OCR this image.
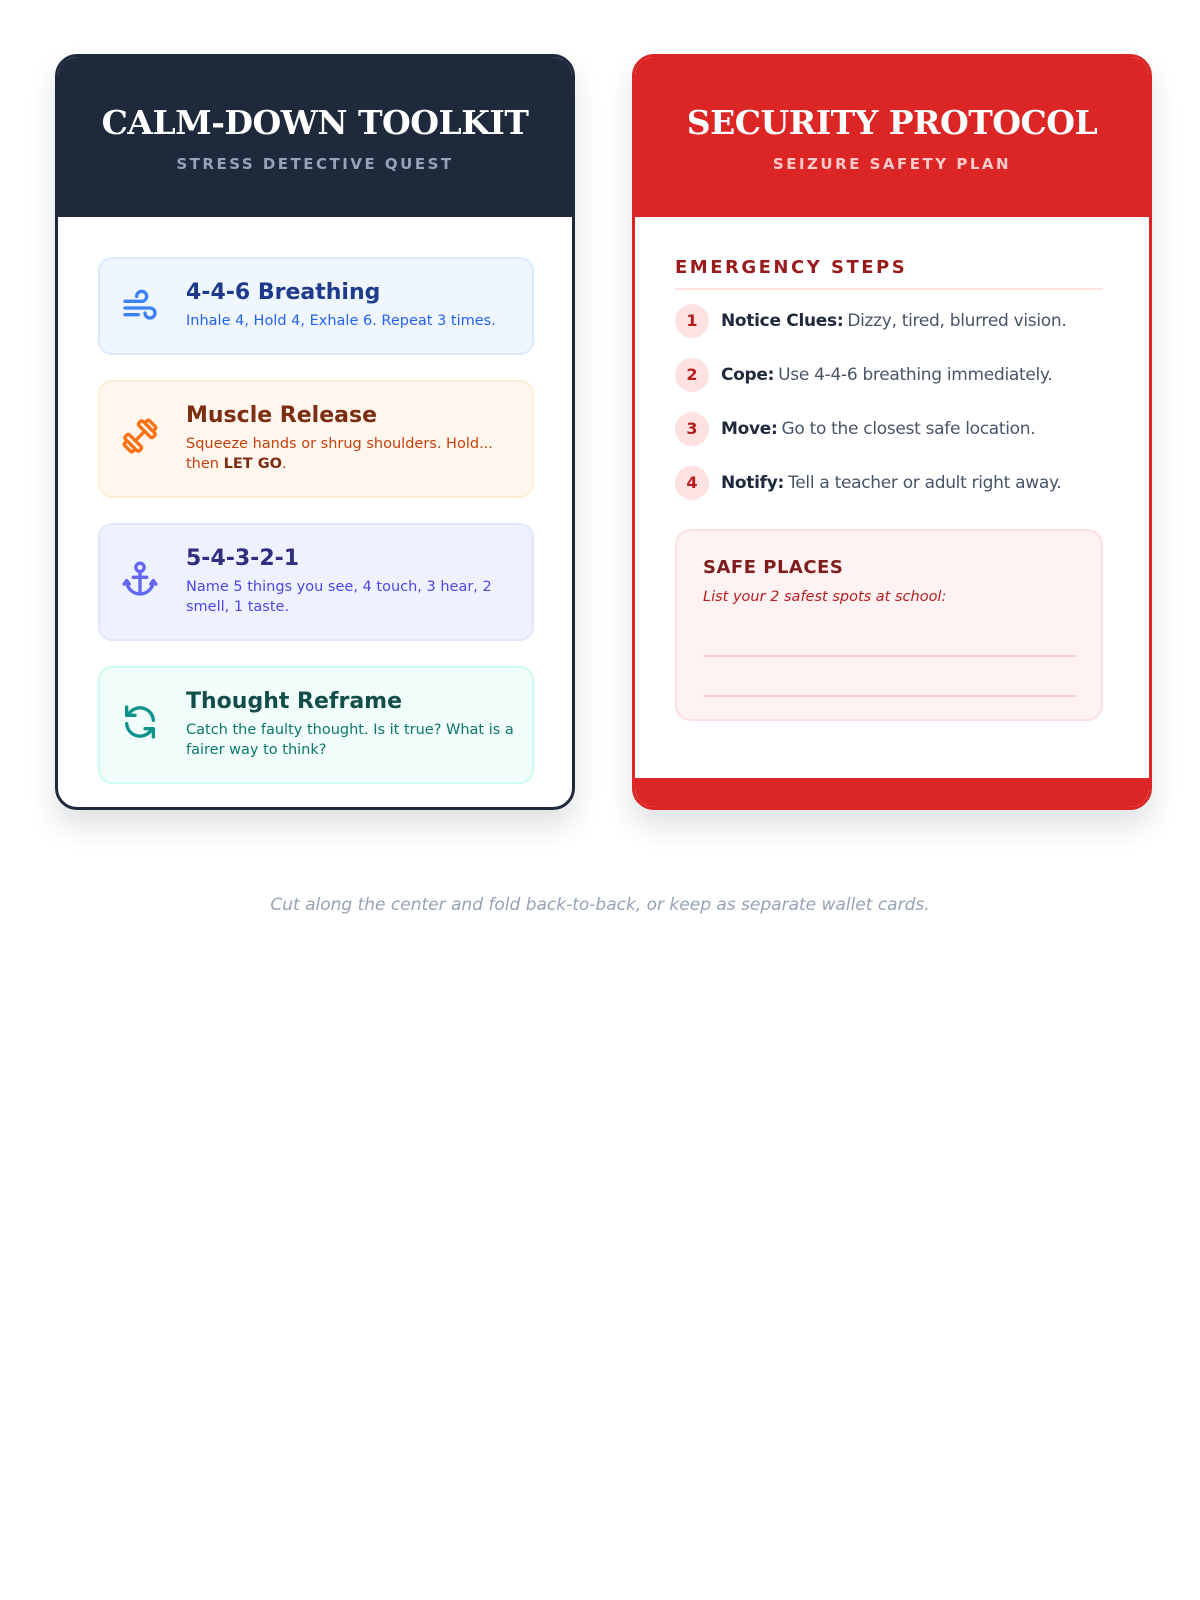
CALM-DOWN TOOLKIT
STRESS DETECTIVE QUEST
4-4-6 Breathing
Inhale 4, Hold 4, Exhale 6. Repeat 3 times.
Muscle Release
Squeeze hands or shrug shoulders. Hold... then LET GO.
5-4-3-2-1
Name 5 things you see, 4 touch, 3 hear, 2 smell, 1 taste.
Thought Reframe
Catch the faulty thought. Is it true? What is a fairer way to think?
SECURITY PROTOCOL
SEIZURE SAFETY PLAN
EMERGENCY STEPS
1	Notice Clues: Dizzy, tired, blurred vision.
2	Cope: Use 4-4-6 breathing immediately.
3	Move: Go to the closest safe location.
4	Notify: Tell a teacher or adult right away.
SAFE PLACES
List your 2 safest spots at school:
Cut along the center and fold back-to-back, or keep as separate wallet cards.
